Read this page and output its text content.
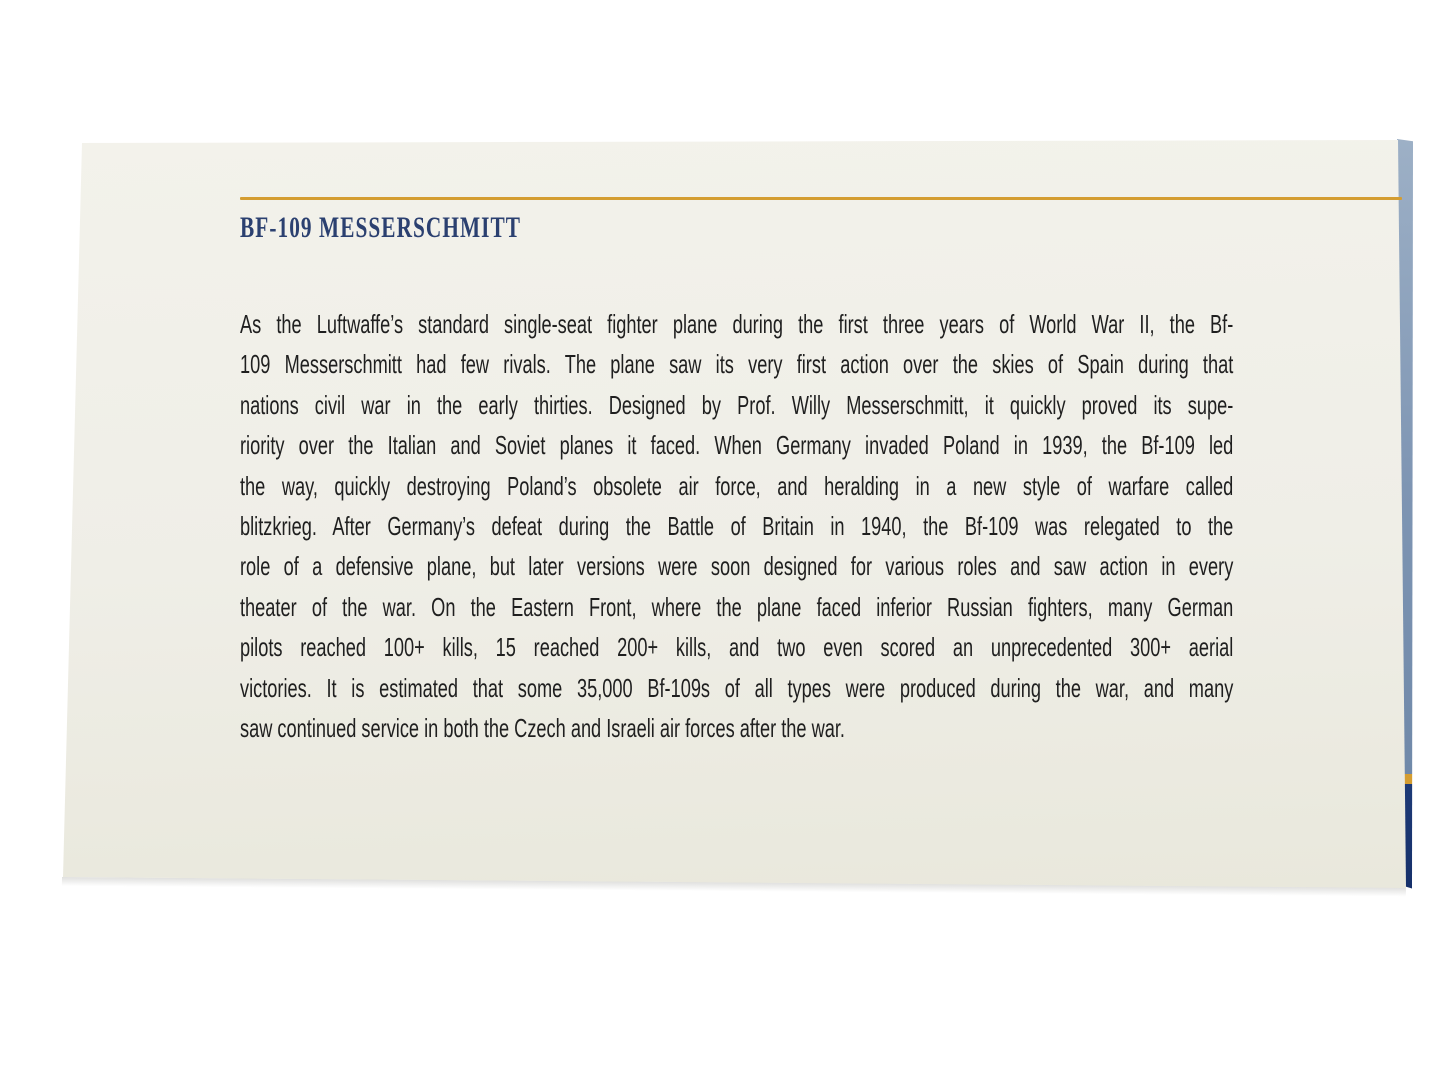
BF-109 MESSERSCHMITT
As the Luftwaffe’s standard single-seat fighter plane during the first three years of World War II, the Bf-
109 Messerschmitt had few rivals. The plane saw its very first action over the skies of Spain during that
nations civil war in the early thirties. Designed by Prof. Willy Messerschmitt, it quickly proved its supe-
riority over the Italian and Soviet planes it faced. When Germany invaded Poland in 1939, the Bf-109 led
the way, quickly destroying Poland’s obsolete air force, and heralding in a new style of warfare called
blitzkrieg. After Germany’s defeat during the Battle of Britain in 1940, the Bf-109 was relegated to the
role of a defensive plane, but later versions were soon designed for various roles and saw action in every
theater of the war. On the Eastern Front, where the plane faced inferior Russian fighters, many German
pilots reached 100+ kills, 15 reached 200+ kills, and two even scored an unprecedented 300+ aerial
victories. It is estimated that some 35,000 Bf-109s of all types were produced during the war, and many
saw continued service in both the Czech and Israeli air forces after the war.
